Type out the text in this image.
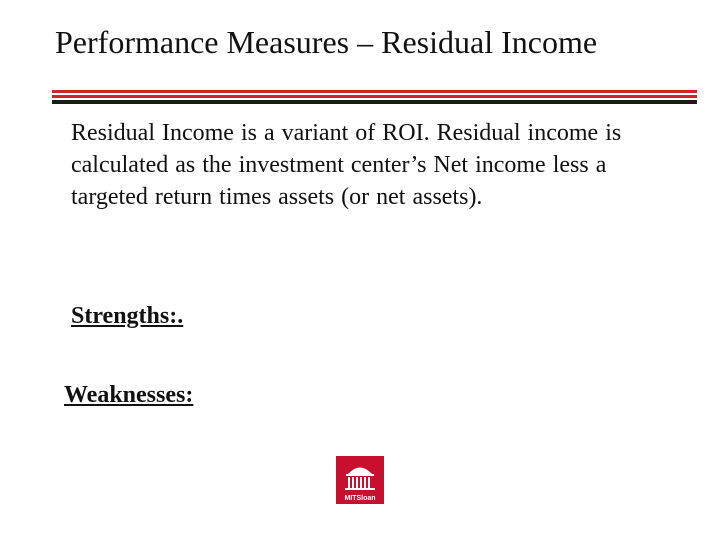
Performance Measures – Residual Income
Residual Income is a variant of ROI. Residual income is calculated as the investment center’s Net income less a targeted return times assets (or net assets).
Strengths:.
Weaknesses:
MITSloan
